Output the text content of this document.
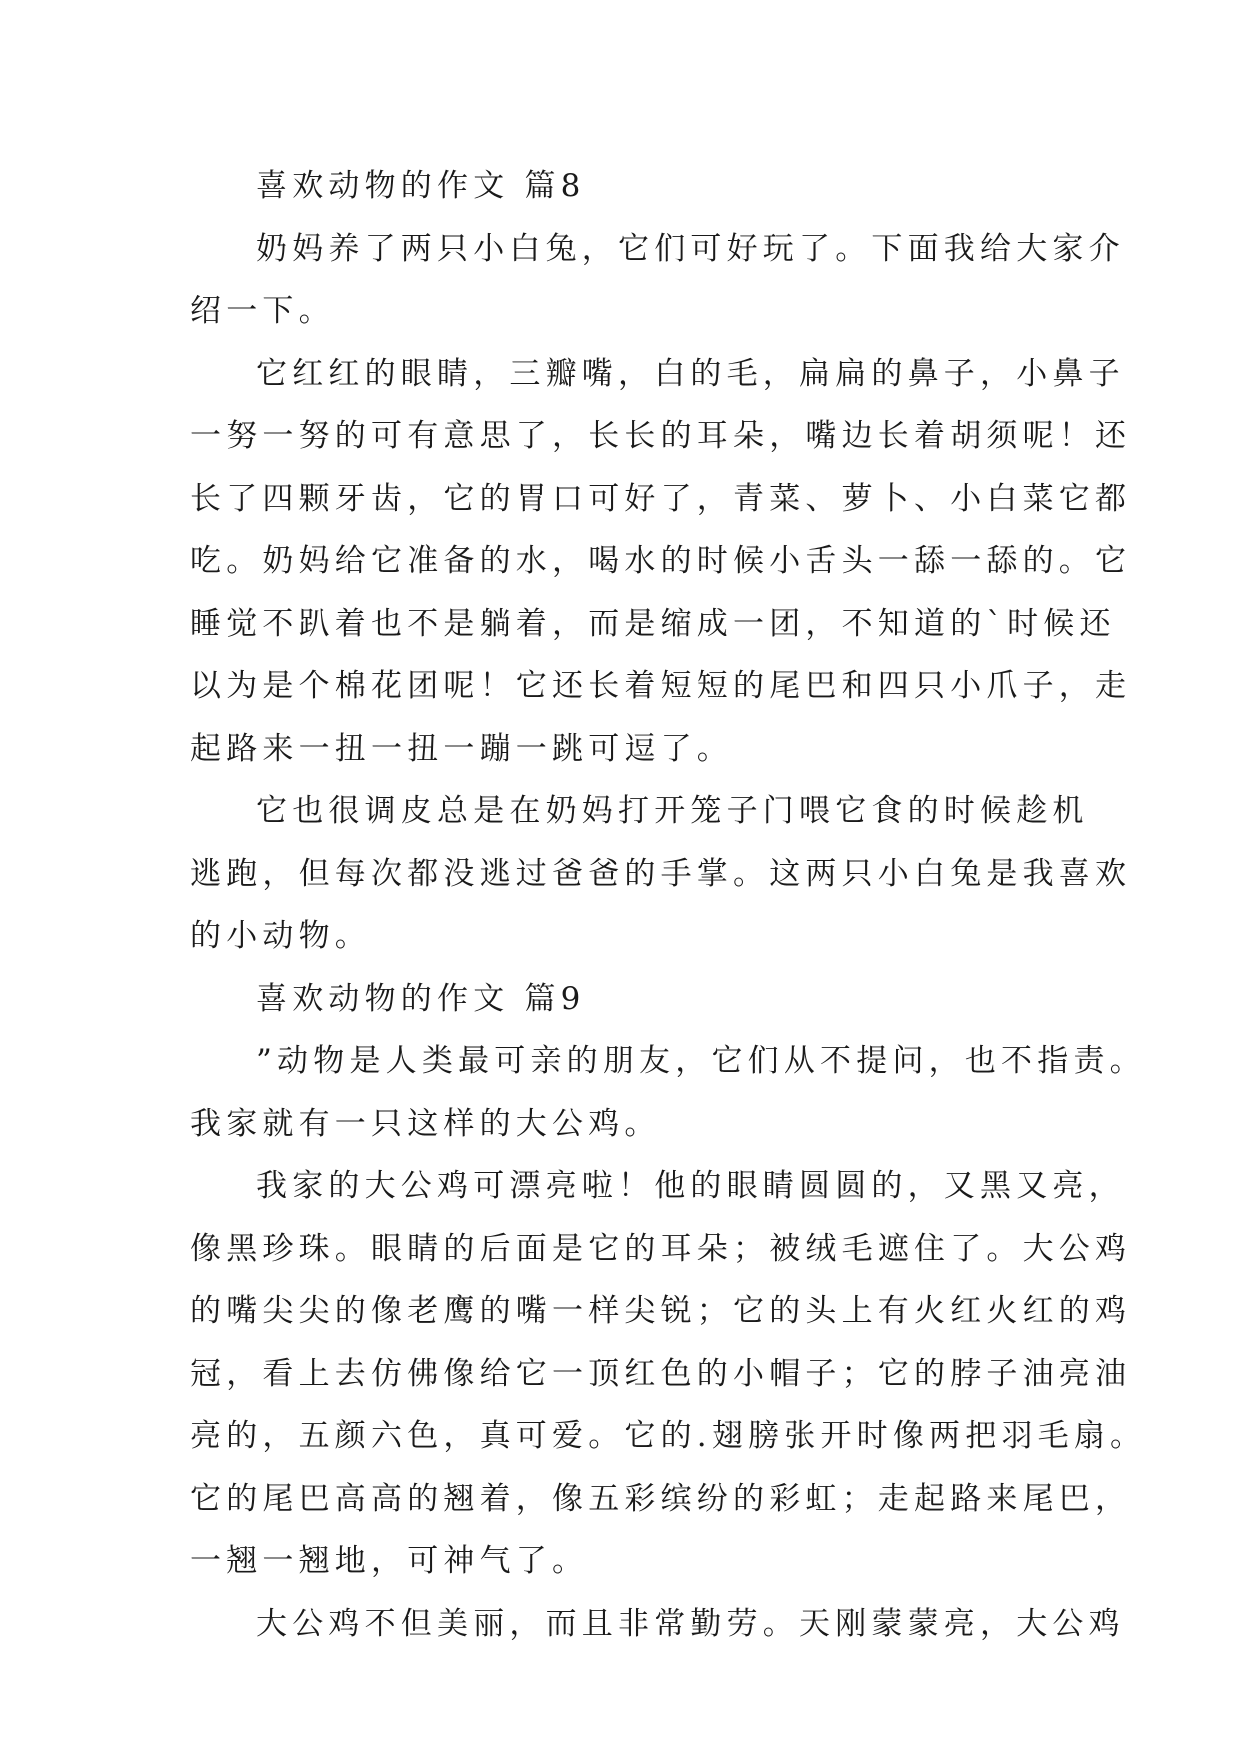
喜欢动物的作文 篇8
奶妈养了两只小白兔，它们可好玩了。下面我给大家介
绍一下。
它红红的眼睛，三瓣嘴，白的毛，扁扁的鼻子，小鼻子
一努一努的可有意思了，长长的耳朵，嘴边长着胡须呢！还
长了四颗牙齿，它的胃口可好了，青菜、萝卜、小白菜它都
吃。奶妈给它准备的水，喝水的时候小舌头一舔一舔的。它
睡觉不趴着也不是躺着，而是缩成一团，不知道的`时候还
以为是个棉花团呢！它还长着短短的尾巴和四只小爪子，走
起路来一扭一扭一蹦一跳可逗了。
它也很调皮总是在奶妈打开笼子门喂它食的时候趁机
逃跑，但每次都没逃过爸爸的手掌。这两只小白兔是我喜欢
的小动物。
喜欢动物的作文 篇9
”动物是人类最可亲的朋友，它们从不提问，也不指责。
我家就有一只这样的大公鸡。
我家的大公鸡可漂亮啦！他的眼睛圆圆的，又黑又亮，
像黑珍珠。眼睛的后面是它的耳朵；被绒毛遮住了。大公鸡
的嘴尖尖的像老鹰的嘴一样尖锐；它的头上有火红火红的鸡
冠，看上去仿佛像给它一顶红色的小帽子；它的脖子油亮油
亮的，五颜六色，真可爱。它的.翅膀张开时像两把羽毛扇。
它的尾巴高高的翘着，像五彩缤纷的彩虹；走起路来尾巴，
一翘一翘地，可神气了。
大公鸡不但美丽，而且非常勤劳。天刚蒙蒙亮，大公鸡
